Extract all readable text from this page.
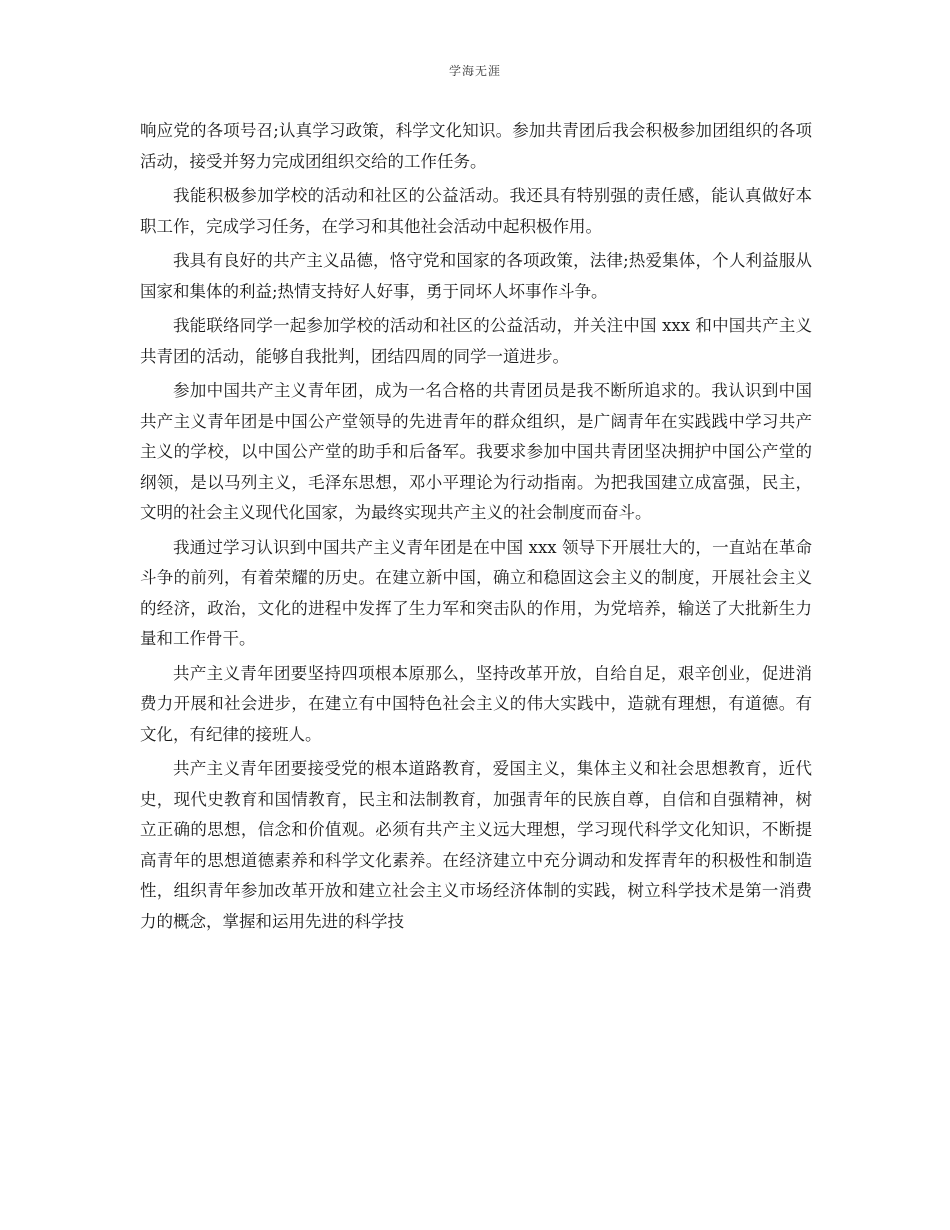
学海无涯

响应党的各项号召;认真学习政策，科学文化知识。参加共青团后我会积极参加团组织的各项活动，接受并努力完成团组织交给的工作任务。

我能积极参加学校的活动和社区的公益活动。我还具有特别强的责任感，能认真做好本职工作，完成学习任务，在学习和其他社会活动中起积极作用。

我具有良好的共产主义品德，恪守党和国家的各项政策，法律;热爱集体，个人利益服从国家和集体的利益;热情支持好人好事，勇于同坏人坏事作斗争。

我能联络同学一起参加学校的活动和社区的公益活动，并关注中国 xxx 和中国共产主义共青团的活动，能够自我批判，团结四周的同学一道进步。

参加中国共产主义青年团，成为一名合格的共青团员是我不断所追求的。我认识到中国共产主义青年团是中国公产堂领导的先进青年的群众组织，是广阔青年在实践践中学习共产主义的学校，以中国公产堂的助手和后备军。我要求参加中国共青团坚决拥护中国公产堂的纲领，是以马列主义，毛泽东思想，邓小平理论为行动指南。为把我国建立成富强，民主，文明的社会主义现代化国家，为最终实现共产主义的社会制度而奋斗。

我通过学习认识到中国共产主义青年团是在中国 xxx 领导下开展壮大的，一直站在革命斗争的前列，有着荣耀的历史。在建立新中国，确立和稳固这会主义的制度，开展社会主义的经济，政治，文化的进程中发挥了生力军和突击队的作用，为党培养，输送了大批新生力量和工作骨干。

共产主义青年团要坚持四项根本原那么，坚持改革开放，自给自足，艰辛创业，促进消费力开展和社会进步，在建立有中国特色社会主义的伟大实践中，造就有理想，有道德。有文化，有纪律的接班人。

共产主义青年团要接受党的根本道路教育，爱国主义，集体主义和社会思想教育，近代史，现代史教育和国情教育，民主和法制教育，加强青年的民族自尊，自信和自强精神，树立正确的思想，信念和价值观。必须有共产主义远大理想，学习现代科学文化知识，不断提高青年的思想道德素养和科学文化素养。在经济建立中充分调动和发挥青年的积极性和制造性，组织青年参加改革开放和建立社会主义市场经济体制的实践，树立科学技术是第一消费力的概念，掌握和运用先进的科学技
